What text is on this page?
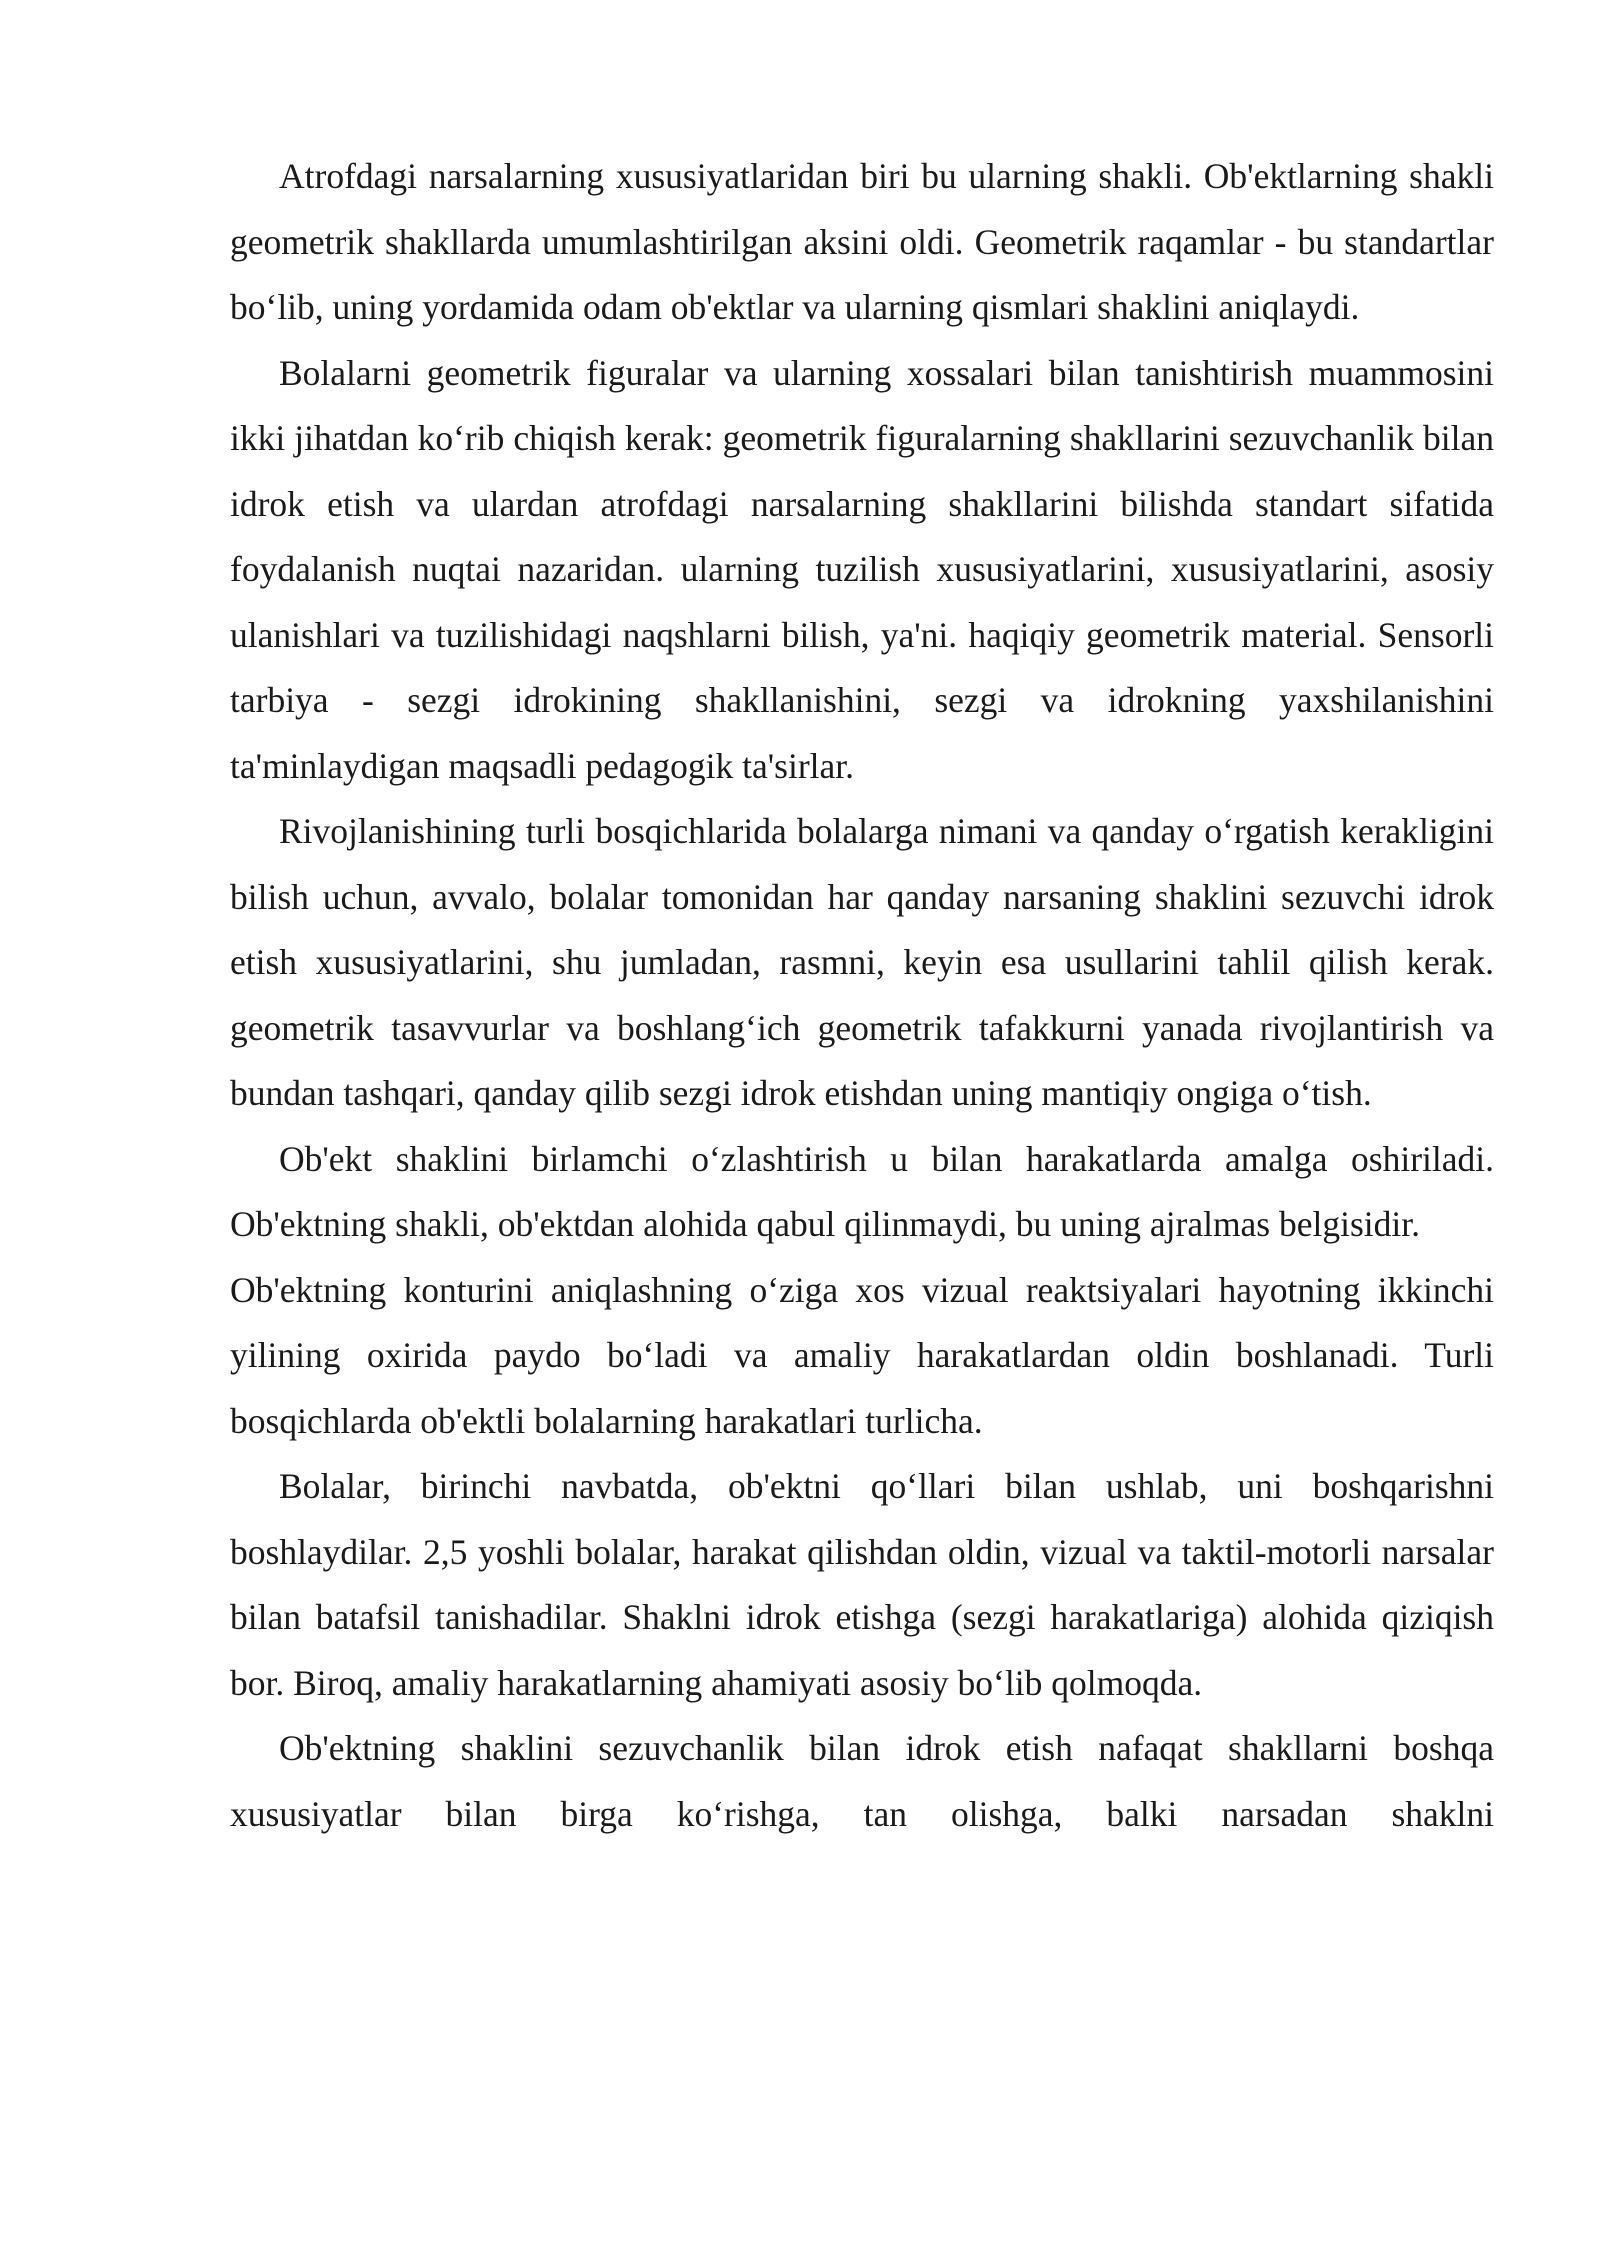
Atrofdagi narsalarning xususiyatlaridan biri bu ularning shakli. Ob'ektlarning shakli geometrik shakllarda umumlashtirilgan aksini oldi. Geometrik raqamlar - bu standartlar bo‘lib, uning yordamida odam ob'ektlar va ularning qismlari shaklini aniqlaydi.

Bolalarni geometrik figuralar va ularning xossalari bilan tanishtirish muammosini ikki jihatdan ko‘rib chiqish kerak: geometrik figuralarning shakllarini sezuvchanlik bilan idrok etish va ulardan atrofdagi narsalarning shakllarini bilishda standart sifatida foydalanish nuqtai nazaridan. ularning tuzilish xususiyatlarini, xususiyatlarini, asosiy ulanishlari va tuzilishidagi naqshlarni bilish, ya'ni. haqiqiy geometrik material. Sensorli tarbiya - sezgi idrokining shakllanishini, sezgi va idrokning yaxshilanishini ta'minlaydigan maqsadli pedagogik ta'sirlar.

Rivojlanishining turli bosqichlarida bolalarga nimani va qanday o‘rgatish kerakligini bilish uchun, avvalo, bolalar tomonidan har qanday narsaning shaklini sezuvchi idrok etish xususiyatlarini, shu jumladan, rasmni, keyin esa usullarini tahlil qilish kerak. geometrik tasavvurlar va boshlang‘ich geometrik tafakkurni yanada rivojlantirish va bundan tashqari, qanday qilib sezgi idrok etishdan uning mantiqiy ongiga o‘tish.

Ob'ekt shaklini birlamchi o‘zlashtirish u bilan harakatlarda amalga oshiriladi. Ob'ektning shakli, ob'ektdan alohida qabul qilinmaydi, bu uning ajralmas belgisidir.

Ob'ektning konturini aniqlashning o‘ziga xos vizual reaktsiyalari hayotning ikkinchi yilining oxirida paydo bo‘ladi va amaliy harakatlardan oldin boshlanadi. Turli bosqichlarda ob'ektli bolalarning harakatlari turlicha.

Bolalar, birinchi navbatda, ob'ektni qo‘llari bilan ushlab, uni boshqarishni boshlaydilar. 2,5 yoshli bolalar, harakat qilishdan oldin, vizual va taktil-motorli narsalar bilan batafsil tanishadilar. Shaklni idrok etishga (sezgi harakatlariga) alohida qiziqish bor. Biroq, amaliy harakatlarning ahamiyati asosiy bo‘lib qolmoqda.

Ob'ektning shaklini sezuvchanlik bilan idrok etish nafaqat shakllarni boshqa xususiyatlar bilan birga ko‘rishga, tan olishga, balki narsadan shaklni
